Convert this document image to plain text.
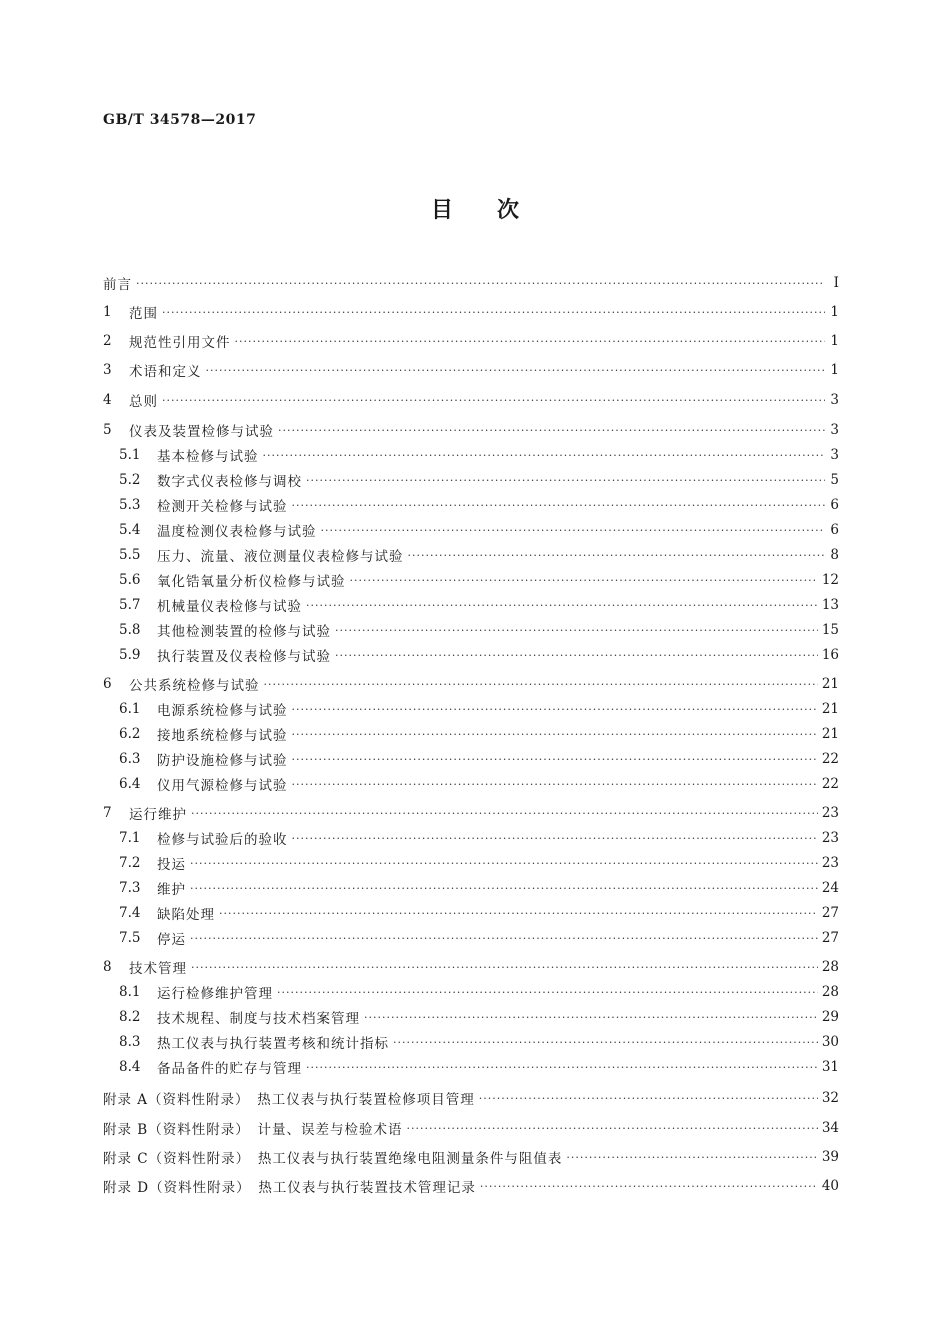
GB/T 34578—2017
目　　次
前言 ·····	Ⅰ
1	范围 ·····	1
2	规范性引用文件 ·····	1
3	术语和定义 ·····	1
4	总则 ·····	3
5	仪表及装置检修与试验 ·····	3
5.1	基本检修与试验 ·····	3
5.2	数字式仪表检修与调校 ·····	5
5.3	检测开关检修与试验 ·····	6
5.4	温度检测仪表检修与试验 ·····	6
5.5	压力、流量、液位测量仪表检修与试验 ·····	8
5.6	氧化锆氧量分析仪检修与试验 ·····	12
5.7	机械量仪表检修与试验 ·····	13
5.8	其他检测装置的检修与试验 ·····	15
5.9	执行装置及仪表检修与试验 ·····	16
6	公共系统检修与试验 ·····	21
6.1	电源系统检修与试验 ·····	21
6.2	接地系统检修与试验 ·····	21
6.3	防护设施检修与试验 ·····	22
6.4	仪用气源检修与试验 ·····	22
7	运行维护 ·····	23
7.1	检修与试验后的验收 ·····	23
7.2	投运 ·····	23
7.3	维护 ·····	24
7.4	缺陷处理 ·····	27
7.5	停运 ·····	27
8	技术管理 ·····	28
8.1	运行检修维护管理 ·····	28
8.2	技术规程、制度与技术档案管理 ·····	29
8.3	热工仪表与执行装置考核和统计指标 ·····	30
8.4	备品备件的贮存与管理 ·····	31
附录 A（资料性附录）　热工仪表与执行装置检修项目管理 ·····	32
附录 B（资料性附录）　计量、误差与检验术语 ·····	34
附录 C（资料性附录）　热工仪表与执行装置绝缘电阻测量条件与阻值表 ·····	39
附录 D（资料性附录）　热工仪表与执行装置技术管理记录 ·····	40
